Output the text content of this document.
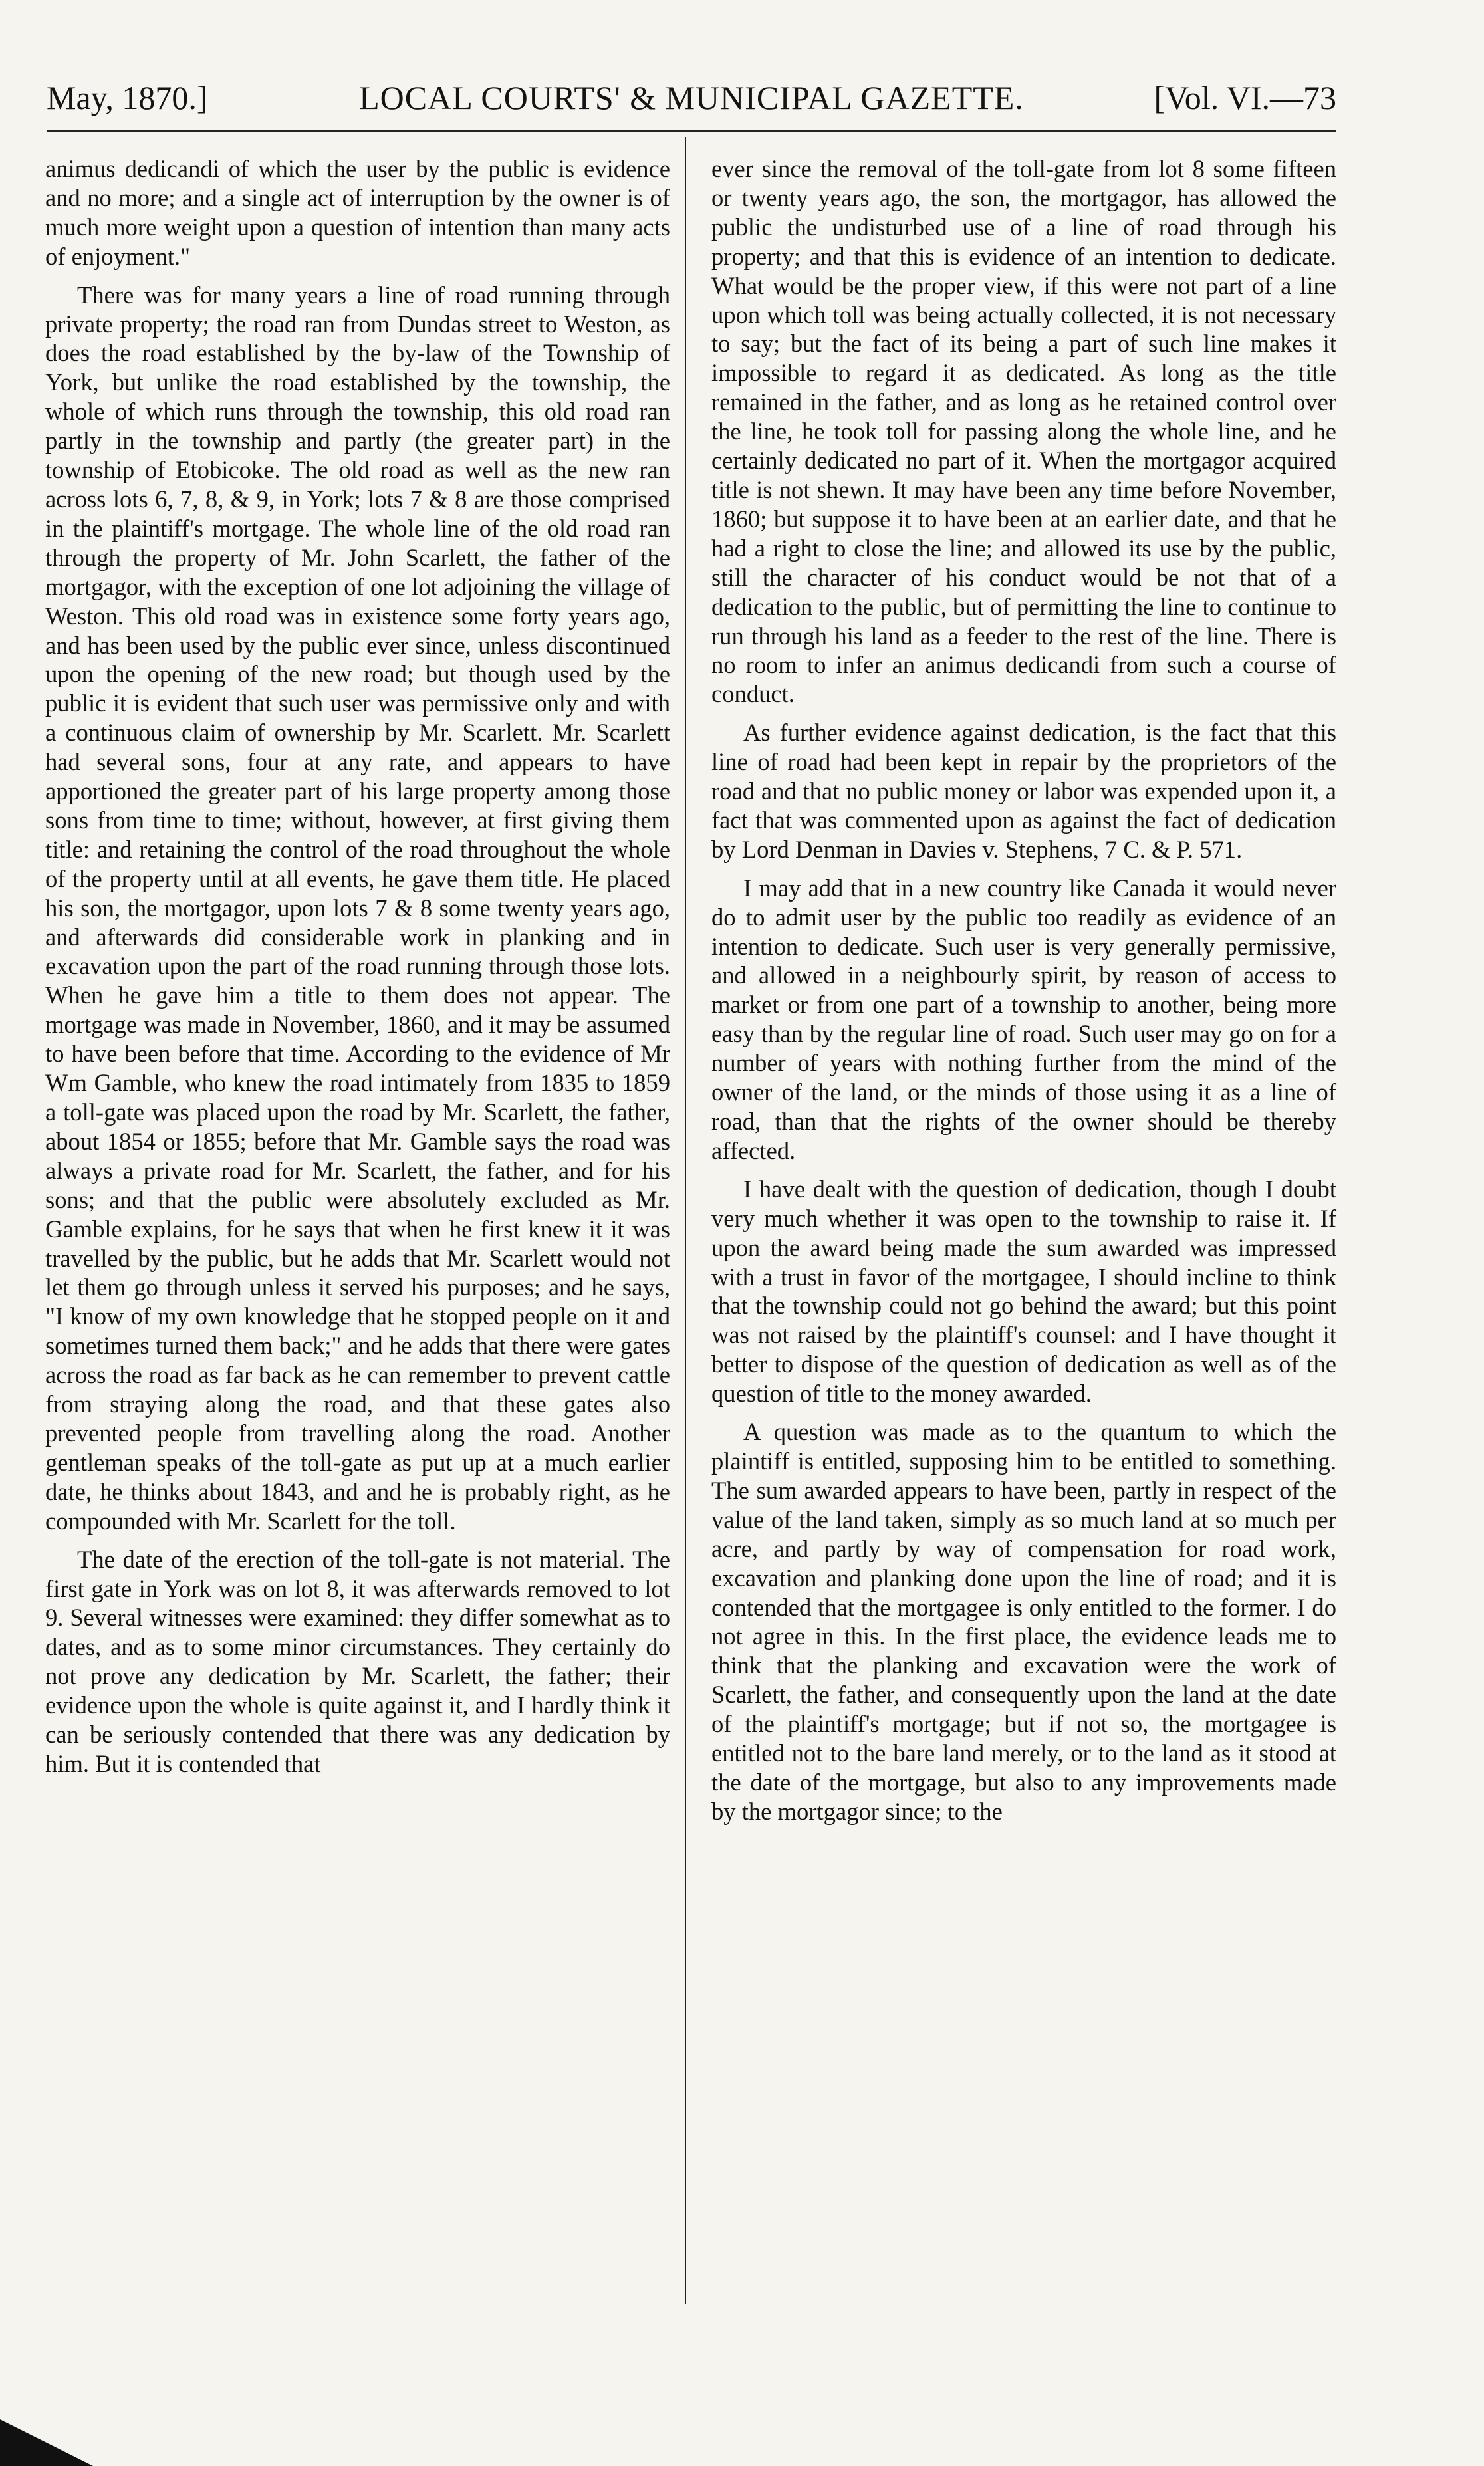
May, 1870.]	LOCAL COURTS' & MUNICIPAL GAZETTE.	[Vol. VI.—73

animus dedicandi of which the user by the public is evidence and no more; and a single act of interruption by the owner is of much more weight upon a question of intention than many acts of enjoyment."

There was for many years a line of road running through private property; the road ran from Dundas street to Weston, as does the road established by the by-law of the Township of York, but unlike the road established by the township, the whole of which runs through the township, this old road ran partly in the township and partly (the greater part) in the township of Etobicoke. The old road as well as the new ran across lots 6, 7, 8, & 9, in York; lots 7 & 8 are those comprised in the plaintiff's mortgage. The whole line of the old road ran through the property of Mr. John Scarlett, the father of the mortgagor, with the exception of one lot adjoining the village of Weston. This old road was in existence some forty years ago, and has been used by the public ever since, unless discontinued upon the opening of the new road; but though used by the public it is evident that such user was permissive only and with a continuous claim of ownership by Mr. Scarlett. Mr. Scarlett had several sons, four at any rate, and appears to have apportioned the greater part of his large property among those sons from time to time; without, however, at first giving them title: and retaining the control of the road throughout the whole of the property until at all events, he gave them title. He placed his son, the mortgagor, upon lots 7 & 8 some twenty years ago, and afterwards did considerable work in planking and in excavation upon the part of the road running through those lots. When he gave him a title to them does not appear. The mortgage was made in November, 1860, and it may be assumed to have been before that time. According to the evidence of Mr Wm Gamble, who knew the road intimately from 1835 to 1859 a toll-gate was placed upon the road by Mr. Scarlett, the father, about 1854 or 1855; before that Mr. Gamble says the road was always a private road for Mr. Scarlett, the father, and for his sons; and that the public were absolutely excluded as Mr. Gamble explains, for he says that when he first knew it it was travelled by the public, but he adds that Mr. Scarlett would not let them go through unless it served his purposes; and he says, "I know of my own knowledge that he stopped people on it and sometimes turned them back;" and he adds that there were gates across the road as far back as he can remember to prevent cattle from straying along the road, and that these gates also prevented people from travelling along the road. Another gentleman speaks of the toll-gate as put up at a much earlier date, he thinks about 1843, and and he is probably right, as he compounded with Mr. Scarlett for the toll.

The date of the erection of the toll-gate is not material. The first gate in York was on lot 8, it was afterwards removed to lot 9. Several witnesses were examined: they differ somewhat as to dates, and as to some minor circumstances. They certainly do not prove any dedication by Mr. Scarlett, the father; their evidence upon the whole is quite against it, and I hardly think it can be seriously contended that there was any dedication by him. But it is contended that

ever since the removal of the toll-gate from lot 8 some fifteen or twenty years ago, the son, the mortgagor, has allowed the public the undisturbed use of a line of road through his property; and that this is evidence of an intention to dedicate. What would be the proper view, if this were not part of a line upon which toll was being actually collected, it is not necessary to say; but the fact of its being a part of such line makes it impossible to regard it as dedicated. As long as the title remained in the father, and as long as he retained control over the line, he took toll for passing along the whole line, and he certainly dedicated no part of it. When the mortgagor acquired title is not shewn. It may have been any time before November, 1860; but suppose it to have been at an earlier date, and that he had a right to close the line; and allowed its use by the public, still the character of his conduct would be not that of a dedication to the public, but of permitting the line to continue to run through his land as a feeder to the rest of the line. There is no room to infer an animus dedicandi from such a course of conduct.

As further evidence against dedication, is the fact that this line of road had been kept in repair by the proprietors of the road and that no public money or labor was expended upon it, a fact that was commented upon as against the fact of dedication by Lord Denman in Davies v. Stephens, 7 C. & P. 571.

I may add that in a new country like Canada it would never do to admit user by the public too readily as evidence of an intention to dedicate. Such user is very generally permissive, and allowed in a neighbourly spirit, by reason of access to market or from one part of a township to another, being more easy than by the regular line of road. Such user may go on for a number of years with nothing further from the mind of the owner of the land, or the minds of those using it as a line of road, than that the rights of the owner should be thereby affected.

I have dealt with the question of dedication, though I doubt very much whether it was open to the township to raise it. If upon the award being made the sum awarded was impressed with a trust in favor of the mortgagee, I should incline to think that the township could not go behind the award; but this point was not raised by the plaintiff's counsel: and I have thought it better to dispose of the question of dedication as well as of the question of title to the money awarded.

A question was made as to the quantum to which the plaintiff is entitled, supposing him to be entitled to something. The sum awarded appears to have been, partly in respect of the value of the land taken, simply as so much land at so much per acre, and partly by way of compensation for road work, excavation and planking done upon the line of road; and it is contended that the mortgagee is only entitled to the former. I do not agree in this. In the first place, the evidence leads me to think that the planking and excavation were the work of Scarlett, the father, and consequently upon the land at the date of the plaintiff's mortgage; but if not so, the mortgagee is entitled not to the bare land merely, or to the land as it stood at the date of the mortgage, but also to any improvements made by the mortgagor since; to the
